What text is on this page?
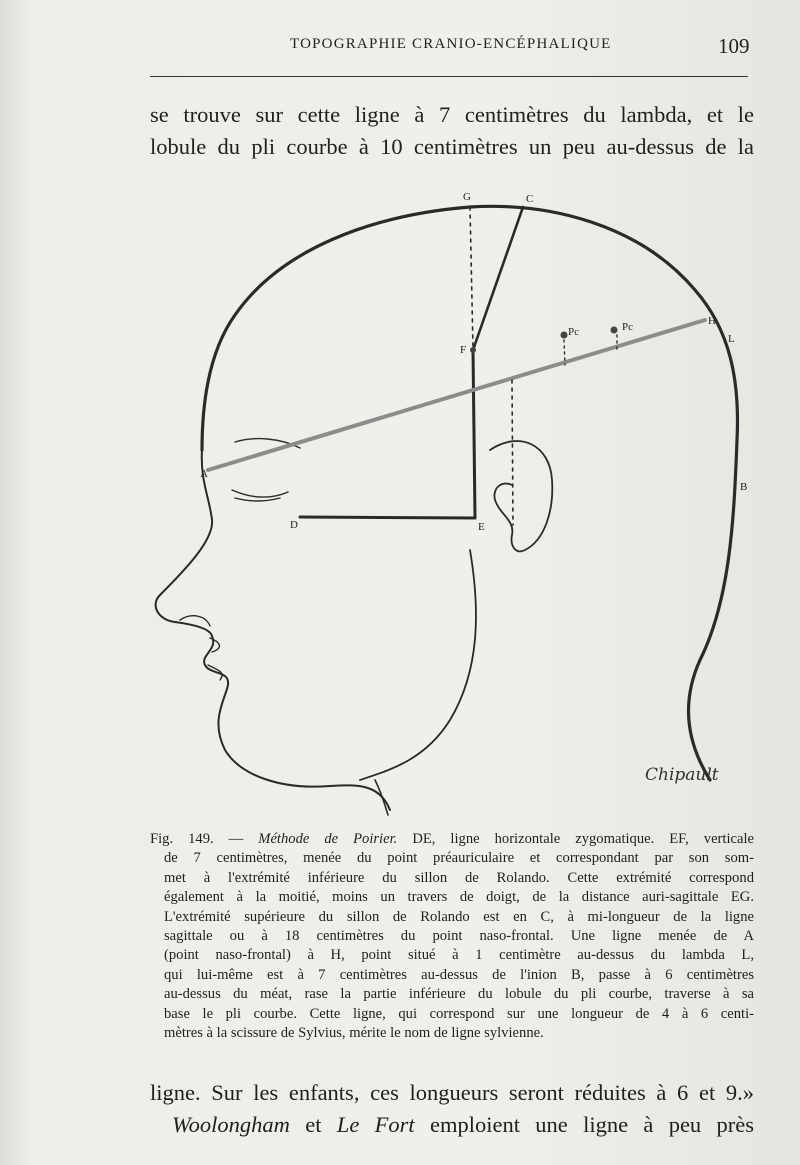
TOPOGRAPHIE CRANIO-ENCÉPHALIQUE	109
se trouve sur cette ligne à 7 centimètres du lambda, et le
lobule du pli courbe à 10 centimètres un peu au-dessus de la
G	C
F
Pc	Pc	H
L
A
B
D	E
Chipault
Fig. 149. — Méthode de Poirier. DE, ligne horizontale zygomatique. EF, verticale
de 7 centimètres, menée du point préauriculaire et correspondant par son som-
met à l'extrémité inférieure du sillon de Rolando. Cette extrémité correspond
également à la moitié, moins un travers de doigt, de la distance auri-sagittale EG.
L'extrémité supérieure du sillon de Rolando est en C, à mi-longueur de la ligne
sagittale ou à 18 centimètres du point naso-frontal. Une ligne menée de A
(point naso-frontal) à H, point situé à 1 centimètre au-dessus du lambda L,
qui lui-même est à 7 centimètres au-dessus de l'inion B, passe à 6 centimètres
au-dessus du méat, rase la partie inférieure du lobule du pli courbe, traverse à sa
base le pli courbe. Cette ligne, qui correspond sur une longueur de 4 à 6 centi-
mètres à la scissure de Sylvius, mérite le nom de ligne sylvienne.
ligne. Sur les enfants, ces longueurs seront réduites à 6 et 9.»
Woolongham et Le Fort emploient une ligne à peu près
